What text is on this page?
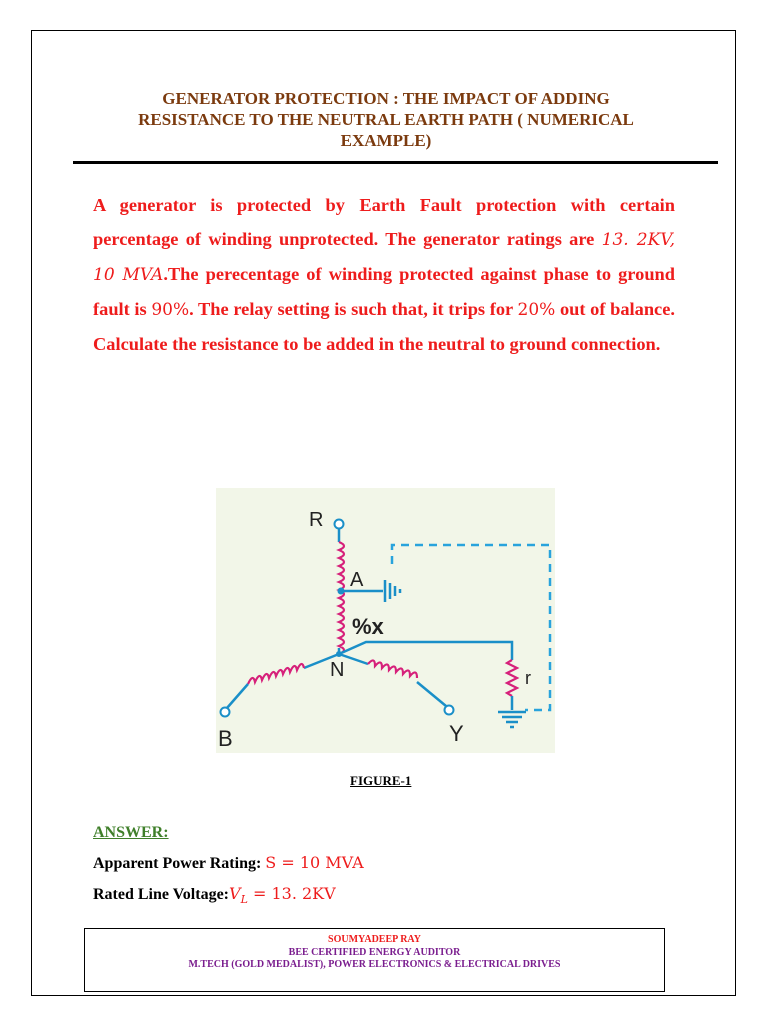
GENERATOR PROTECTION : THE IMPACT OF ADDING
RESISTANCE TO THE NEUTRAL EARTH PATH ( NUMERICAL
EXAMPLE)

A generator is protected by Earth Fault protection with certain percentage of winding unprotected. The generator ratings are 13. 2KV, 10 MVA.The perecentage of winding protected against phase to ground fault is 90%. The relay setting is such that, it trips for 20% out of balance. Calculate the resistance to be added in the neutral to ground connection.

R
A
%x
N	r
B	Y
FIGURE-1
ANSWER:
Apparent Power Rating: S = 10 MVA
Rated Line $Voltage:V_L = 13$. 2KV
SOUMYADEEP RAY
BEE CERTIFIED ENERGY AUDITOR
M.TECH (GOLD MEDALIST), POWER ELECTRONICS & ELECTRICAL DRIVES
